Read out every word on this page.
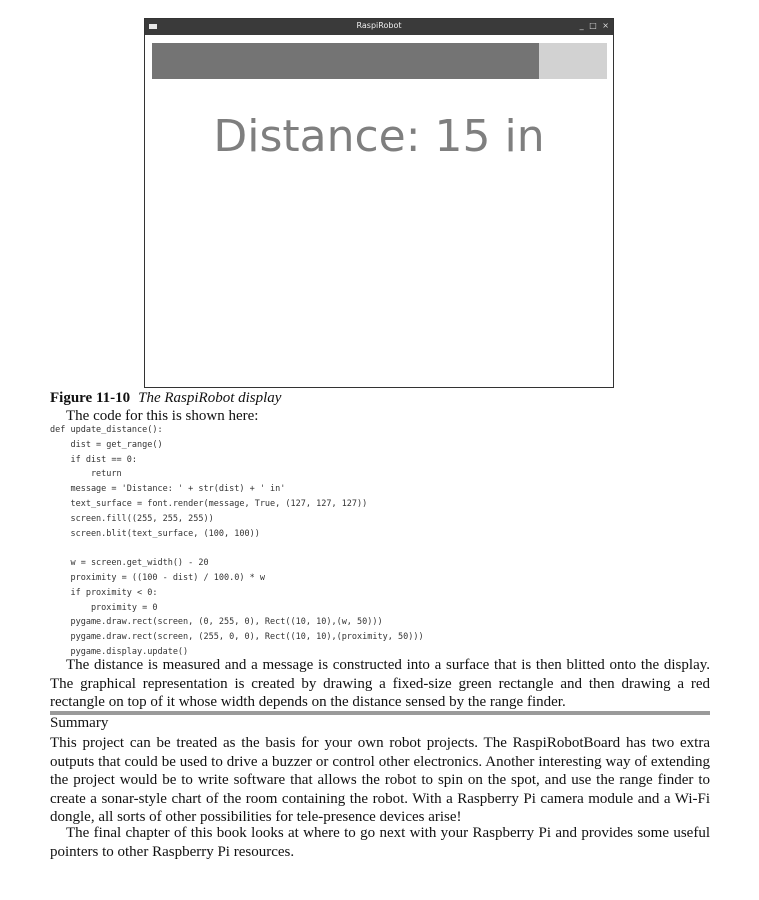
RaspiRobot	_ □ ×
Distance: 15 in
Figure 11-10 The RaspiRobot display
The code for this is shown here:
def update_distance():
dist = get_range()
if dist == 0:
return
message = 'Distance: ' + str(dist) + ' in'
text_surface = font.render(message, True, (127, 127, 127))
screen.fill((255, 255, 255))
screen.blit(text_surface, (100, 100))
w = screen.get_width() - 20
proximity = ((100 - dist) / 100.0) * w
if proximity < 0:
proximity = 0
pygame.draw.rect(screen, (0, 255, 0), Rect((10, 10),(w, 50)))
pygame.draw.rect(screen, (255, 0, 0), Rect((10, 10),(proximity, 50)))
pygame.display.update()

The distance is measured and a message is constructed into a surface that is then blitted onto the display. The graphical representation is created by drawing a fixed-size green rectangle and then drawing a red rectangle on top of it whose width depends on the distance sensed by the range finder.

Summary

This project can be treated as the basis for your own robot projects. The RaspiRobotBoard has two extra outputs that could be used to drive a buzzer or control other electronics. Another interesting way of extending the project would be to write software that allows the robot to spin on the spot, and use the range finder to create a sonar-style chart of the room containing the robot. With a Raspberry Pi camera module and a Wi-Fi dongle, all sorts of other possibilities for tele-presence devices arise!

The final chapter of this book looks at where to go next with your Raspberry Pi and provides some useful pointers to other Raspberry Pi resources.
